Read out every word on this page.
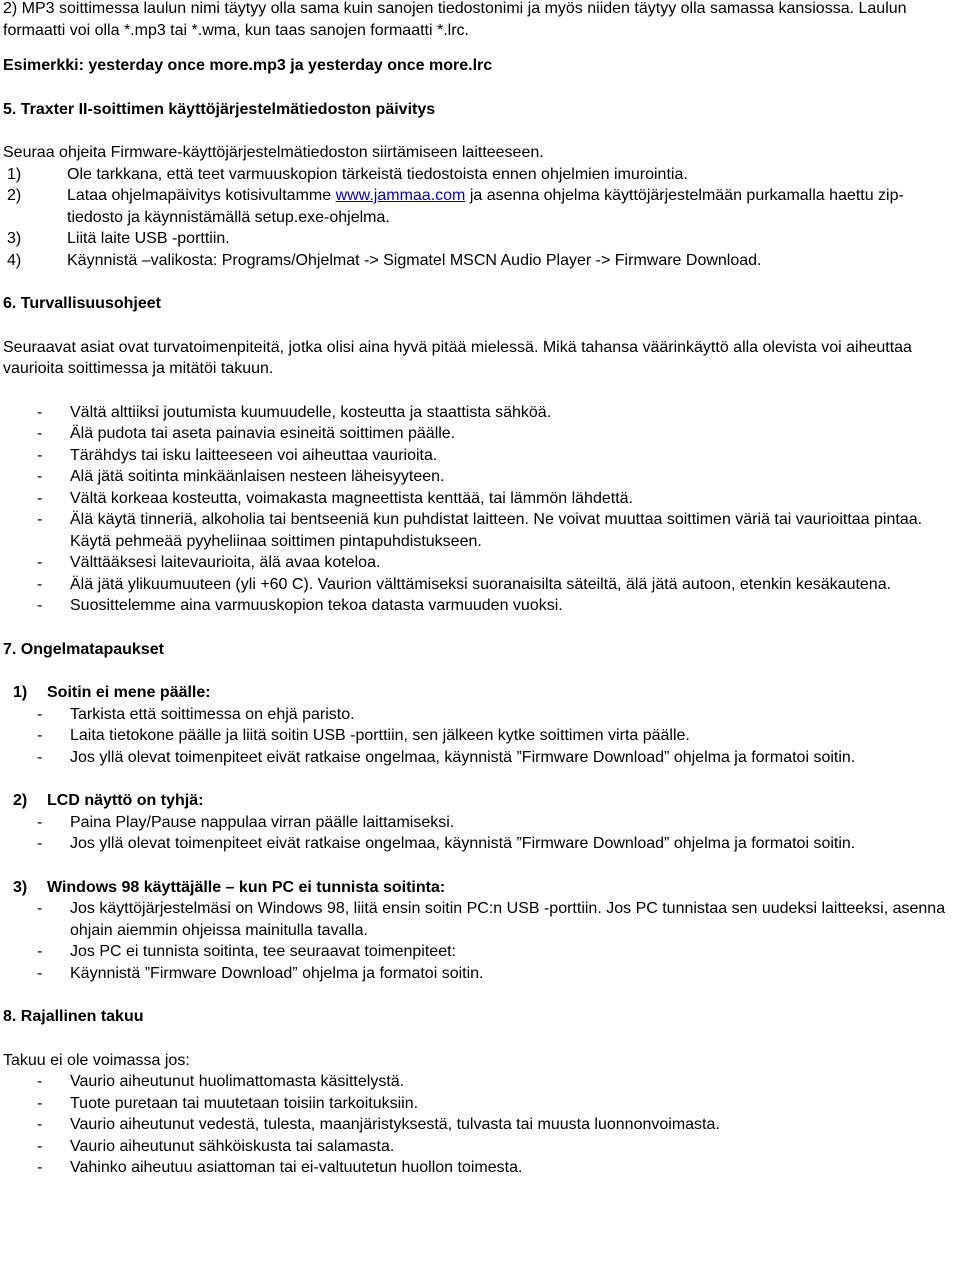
2) MP3 soittimessa laulun nimi täytyy olla sama kuin sanojen tiedostonimi ja myös niiden täytyy olla samassa kansiossa. Laulun formaatti voi olla *.mp3 tai *.wma, kun taas sanojen formaatti *.lrc.

Esimerkki: yesterday once more.mp3 ja yesterday once more.lrc

5. Traxter II-soittimen käyttöjärjestelmätiedoston päivitys

Seuraa ohjeita Firmware-käyttöjärjestelmätiedoston siirtämiseen laitteeseen.

1)	Ole tarkkana, että teet varmuuskopion tärkeistä tiedostoista ennen ohjelmien imurointia.
2)	Lataa ohjelmapäivitys kotisivultamme www.jammaa.com ja asenna ohjelma käyttöjärjestelmään purkamalla haettu zip-tiedosto ja käynnistämällä setup.exe-ohjelma.
3)	Liitä laite USB -porttiin.
4)	Käynnistä –valikosta: Programs/Ohjelmat -> Sigmatel MSCN Audio Player -> Firmware Download.

6. Turvallisuusohjeet

Seuraavat asiat ovat turvatoimenpiteitä, jotka olisi aina hyvä pitää mielessä. Mikä tahansa väärinkäyttö alla olevista voi aiheuttaa vaurioita soittimessa ja mitätöi takuun.

- Vältä alttiiksi joutumista kuumuudelle, kosteutta ja staattista sähköä.
- Älä pudota tai aseta painavia esineitä soittimen päälle.
- Tärähdys tai isku laitteeseen voi aiheuttaa vaurioita.
- Alä jätä soitinta minkäänlaisen nesteen läheisyyteen.
- Vältä korkeaa kosteutta, voimakasta magneettista kenttää, tai lämmön lähdettä.
- Älä käytä tinneriä, alkoholia tai bentseeniä kun puhdistat laitteen. Ne voivat muuttaa soittimen väriä tai vaurioittaa pintaa. Käytä pehmeää pyyheliinaa soittimen pintapuhdistukseen.
- Välttääksesi laitevaurioita, älä avaa koteloa.
- Älä jätä ylikuumuuteen (yli +60 C). Vaurion välttämiseksi suoranaisilta säteiltä, älä jätä autoon, etenkin kesäkautena.
- Suosittelemme aina varmuuskopion tekoa datasta varmuuden vuoksi.

7. Ongelmatapaukset

1) Soitin ei mene päälle:

- Tarkista että soittimessa on ehjä paristo.
- Laita tietokone päälle ja liitä soitin USB -porttiin, sen jälkeen kytke soittimen virta päälle.
- Jos yllä olevat toimenpiteet eivät ratkaise ongelmaa, käynnistä ”Firmware Download” ohjelma ja formatoi soitin.

2) LCD näyttö on tyhjä:

- Paina Play/Pause nappulaa virran päälle laittamiseksi.
- Jos yllä olevat toimenpiteet eivät ratkaise ongelmaa, käynnistä ”Firmware Download” ohjelma ja formatoi soitin.

3) Windows 98 käyttäjälle – kun PC ei tunnista soitinta:

- Jos käyttöjärjestelmäsi on Windows 98, liitä ensin soitin PC:n USB -porttiin. Jos PC tunnistaa sen uudeksi laitteeksi, asenna ohjain aiemmin ohjeissa mainitulla tavalla.
- Jos PC ei tunnista soitinta, tee seuraavat toimenpiteet:
- Käynnistä ”Firmware Download” ohjelma ja formatoi soitin.

8. Rajallinen takuu

Takuu ei ole voimassa jos:

- Vaurio aiheutunut huolimattomasta käsittelystä.
- Tuote puretaan tai muutetaan toisiin tarkoituksiin.
- Vaurio aiheutunut vedestä, tulesta, maanjäristyksestä, tulvasta tai muusta luonnonvoimasta.
- Vaurio aiheutunut sähköiskusta tai salamasta.
- Vahinko aiheutuu asiattoman tai ei-valtuutetun huollon toimesta.
